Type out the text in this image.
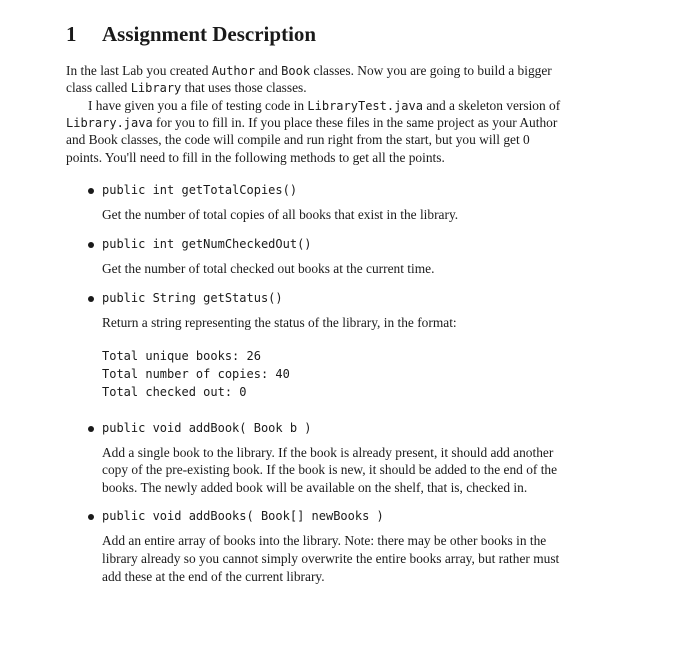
1 Assignment Description
In the last Lab you created Author and Book classes. Now you are going to build a bigger
class called Library that uses those classes.
I have given you a file of testing code in LibraryTest.java and a skeleton version of
Library.java for you to fill in. If you place these files in the same project as your Author
and Book classes, the code will compile and run right from the start, but you will get 0
points. You'll need to fill in the following methods to get all the points.
public int getTotalCopies()
Get the number of total copies of all books that exist in the library.
public int getNumCheckedOut()
Get the number of total checked out books at the current time.
public String getStatus()
Return a string representing the status of the library, in the format:
Total unique books: 26
Total number of copies: 40
Total checked out: 0
public void addBook( Book b )
Add a single book to the library. If the book is already present, it should add another
copy of the pre-existing book. If the book is new, it should be added to the end of the
books. The newly added book will be available on the shelf, that is, checked in.
public void addBooks( Book[] newBooks )
Add an entire array of books into the library. Note: there may be other books in the
library already so you cannot simply overwrite the entire books array, but rather must
add these at the end of the current library.
